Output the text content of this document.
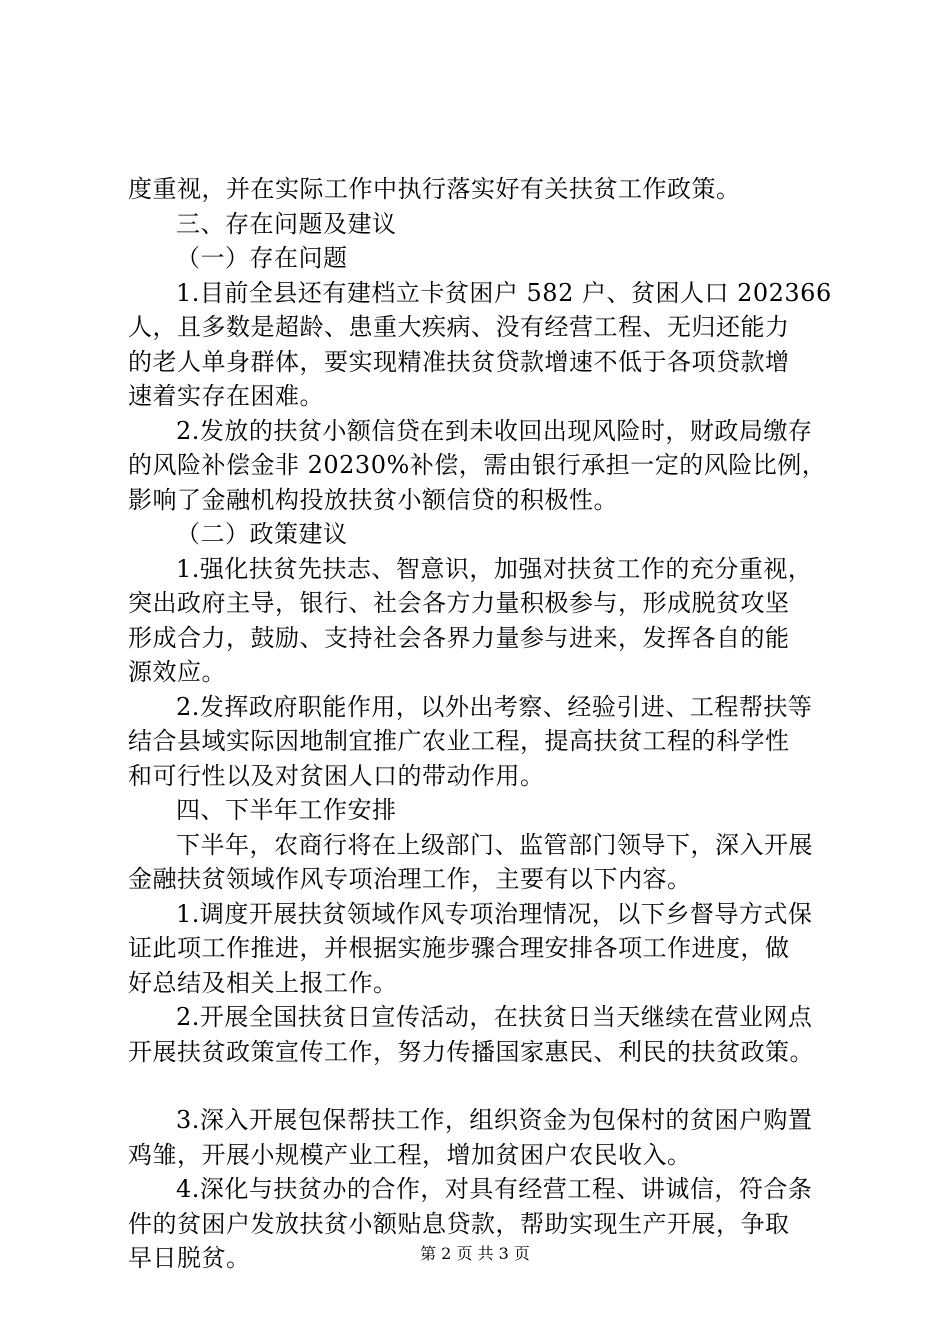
度重视，并在实际工作中执行落实好有关扶贫工作政策。
三、存在问题及建议
（一）存在问题
1.目前全县还有建档立卡贫困户 582 户、贫困人口 202366
人，且多数是超龄、患重大疾病、没有经营工程、无归还能力
的老人单身群体，要实现精准扶贫贷款增速不低于各项贷款增
速着实存在困难。
2.发放的扶贫小额信贷在到未收回出现风险时，财政局缴存
的风险补偿金非 20230%补偿，需由银行承担一定的风险比例，
影响了金融机构投放扶贫小额信贷的积极性。
（二）政策建议
1.强化扶贫先扶志、智意识，加强对扶贫工作的充分重视，
突出政府主导，银行、社会各方力量积极参与，形成脱贫攻坚
形成合力，鼓励、支持社会各界力量参与进来，发挥各自的能
源效应。
2.发挥政府职能作用，以外出考察、经验引进、工程帮扶等
结合县域实际因地制宜推广农业工程，提高扶贫工程的科学性
和可行性以及对贫困人口的带动作用。
四、下半年工作安排
下半年，农商行将在上级部门、监管部门领导下，深入开展
金融扶贫领域作风专项治理工作，主要有以下内容。
1.调度开展扶贫领域作风专项治理情况，以下乡督导方式保
证此项工作推进，并根据实施步骤合理安排各项工作进度，做
好总结及相关上报工作。
2.开展全国扶贫日宣传活动，在扶贫日当天继续在营业网点
开展扶贫政策宣传工作，努力传播国家惠民、利民的扶贫政策。
3.深入开展包保帮扶工作，组织资金为包保村的贫困户购置
鸡雏，开展小规模产业工程，增加贫困户农民收入。
4.深化与扶贫办的合作，对具有经营工程、讲诚信，符合条
件的贫困户发放扶贫小额贴息贷款，帮助实现生产开展，争取
早日脱贫。	第 2 页 共 3 页
